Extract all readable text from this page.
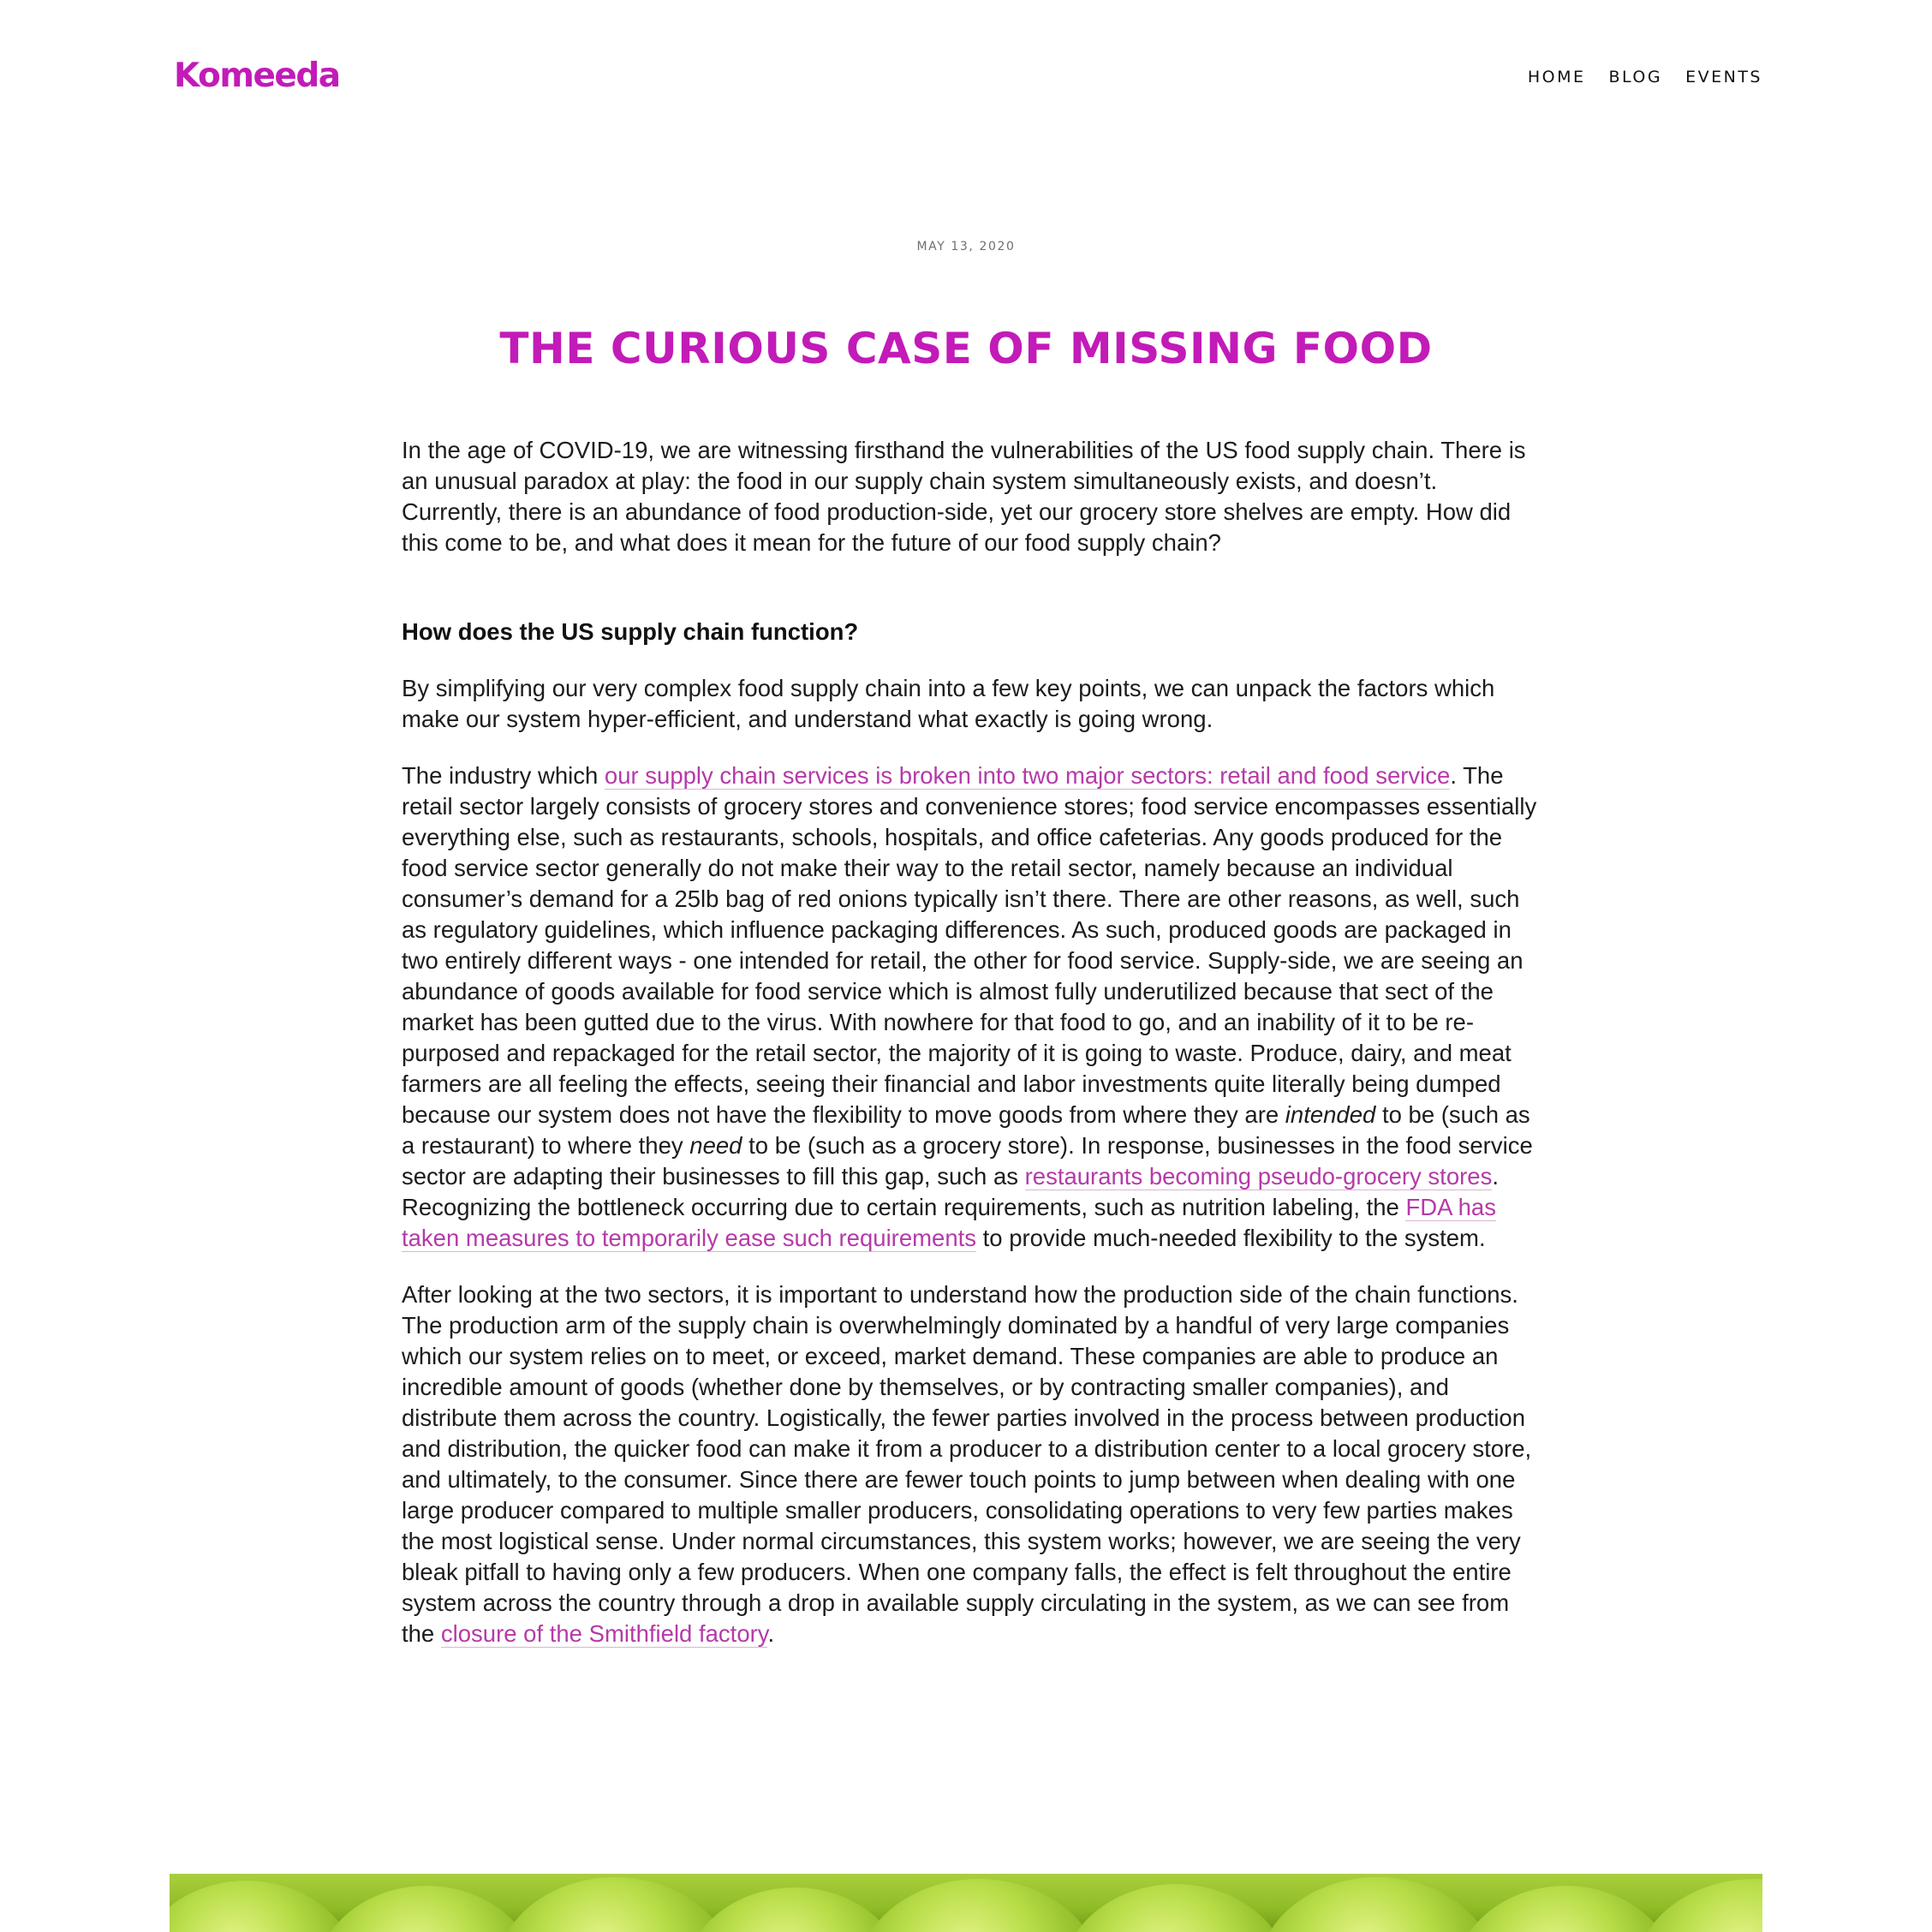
Komeeda	HOME BLOG EVENTS
MAY 13, 2020
THE CURIOUS CASE OF MISSING FOOD

In the age of COVID-19, we are witnessing firsthand the vulnerabilities of the US food supply chain. There is an unusual paradox at play: the food in our supply chain system simultaneously exists, and doesn’t. Currently, there is an abundance of food production-side, yet our grocery store shelves are empty. How did this come to be, and what does it mean for the future of our food supply chain?

How does the US supply chain function?

By simplifying our very complex food supply chain into a few key points, we can unpack the factors which make our system hyper-efficient, and understand what exactly is going wrong.

The industry which our supply chain services is broken into two major sectors: retail and food service. The retail sector largely consists of grocery stores and convenience stores; food service encompasses essentially everything else, such as restaurants, schools, hospitals, and office cafeterias. Any goods produced for the food service sector generally do not make their way to the retail sector, namely because an individual consumer’s demand for a 25lb bag of red onions typically isn’t there. There are other reasons, as well, such as regulatory guidelines, which influence packaging differences. As such, produced goods are packaged in two entirely different ways - one intended for retail, the other for food service. Supply-side, we are seeing an abundance of goods available for food service which is almost fully underutilized because that sect of the market has been gutted due to the virus. With nowhere for that food to go, and an inability of it to be re-purposed and repackaged for the retail sector, the majority of it is going to waste. Produce, dairy, and meat farmers are all feeling the effects, seeing their financial and labor investments quite literally being dumped because our system does not have the flexibility to move goods from where they are intended to be (such as a restaurant) to where they need to be (such as a grocery store). In response, businesses in the food service sector are adapting their businesses to fill this gap, such as restaurants becoming pseudo-grocery stores. Recognizing the bottleneck occurring due to certain requirements, such as nutrition labeling, the FDA has taken measures to temporarily ease such requirements to provide much-needed flexibility to the system.

After looking at the two sectors, it is important to understand how the production side of the chain functions. The production arm of the supply chain is overwhelmingly dominated by a handful of very large companies which our system relies on to meet, or exceed, market demand. These companies are able to produce an incredible amount of goods (whether done by themselves, or by contracting smaller companies), and distribute them across the country. Logistically, the fewer parties involved in the process between production and distribution, the quicker food can make it from a producer to a distribution center to a local grocery store, and ultimately, to the consumer. Since there are fewer touch points to jump between when dealing with one large producer compared to multiple smaller producers, consolidating operations to very few parties makes the most logistical sense. Under normal circumstances, this system works; however, we are seeing the very bleak pitfall to having only a few producers. When one company falls, the effect is felt throughout the entire system across the country through a drop in available supply circulating in the system, as we can see from the closure of the Smithfield factory.
